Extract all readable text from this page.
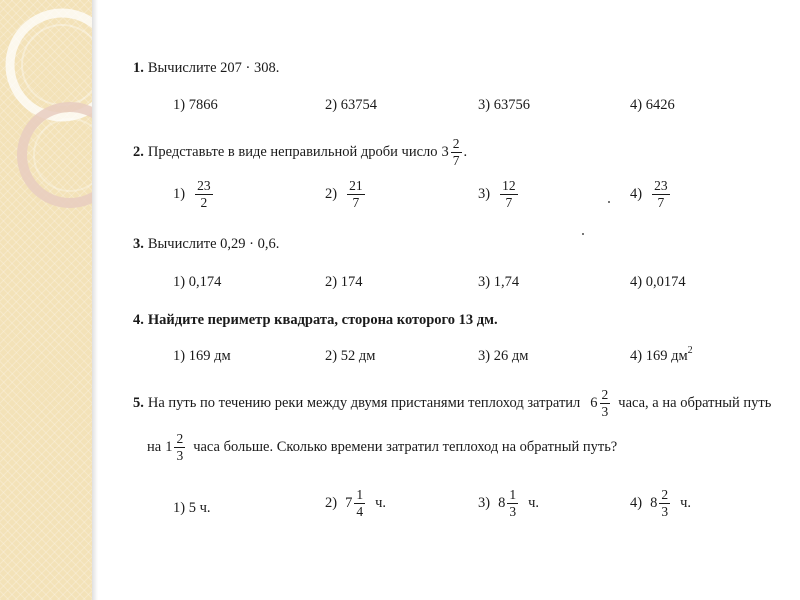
1. Вычислите 207 · 308.
1) 7866	2) 63754	3) 63756	4) 6426
2. Представьте в виде неправильной дроби число $3 \frac{2}{7}$ .
$1) \frac{23}{2}$	$2) \frac{21}{7}$	$3) \frac{12}{7}$	$4) \frac{23}{7}$
3. Вычислите 0,29 · 0,6.
1) 0,174	2) 174	3) 1,74	4) 0,0174
4. Найдите периметр квадрата, сторона которого 13 дм.
1) 169 дм	2) 52 дм	3) 26 дм	4) 169 дм 2
5. На путь по течению реки между двумя пристанями теплоход затратил $6 \frac{2}{3}$ часа, а на обратный путь
на $1 \frac{2}{3}$ часа больше. Сколько времени затратил теплоход на обратный путь?
1) 5 ч.	2) $7 \frac{1}{4} ч$.	3) $8 \frac{1}{3} ч$.	4) $8 \frac{2}{3} ч$.
